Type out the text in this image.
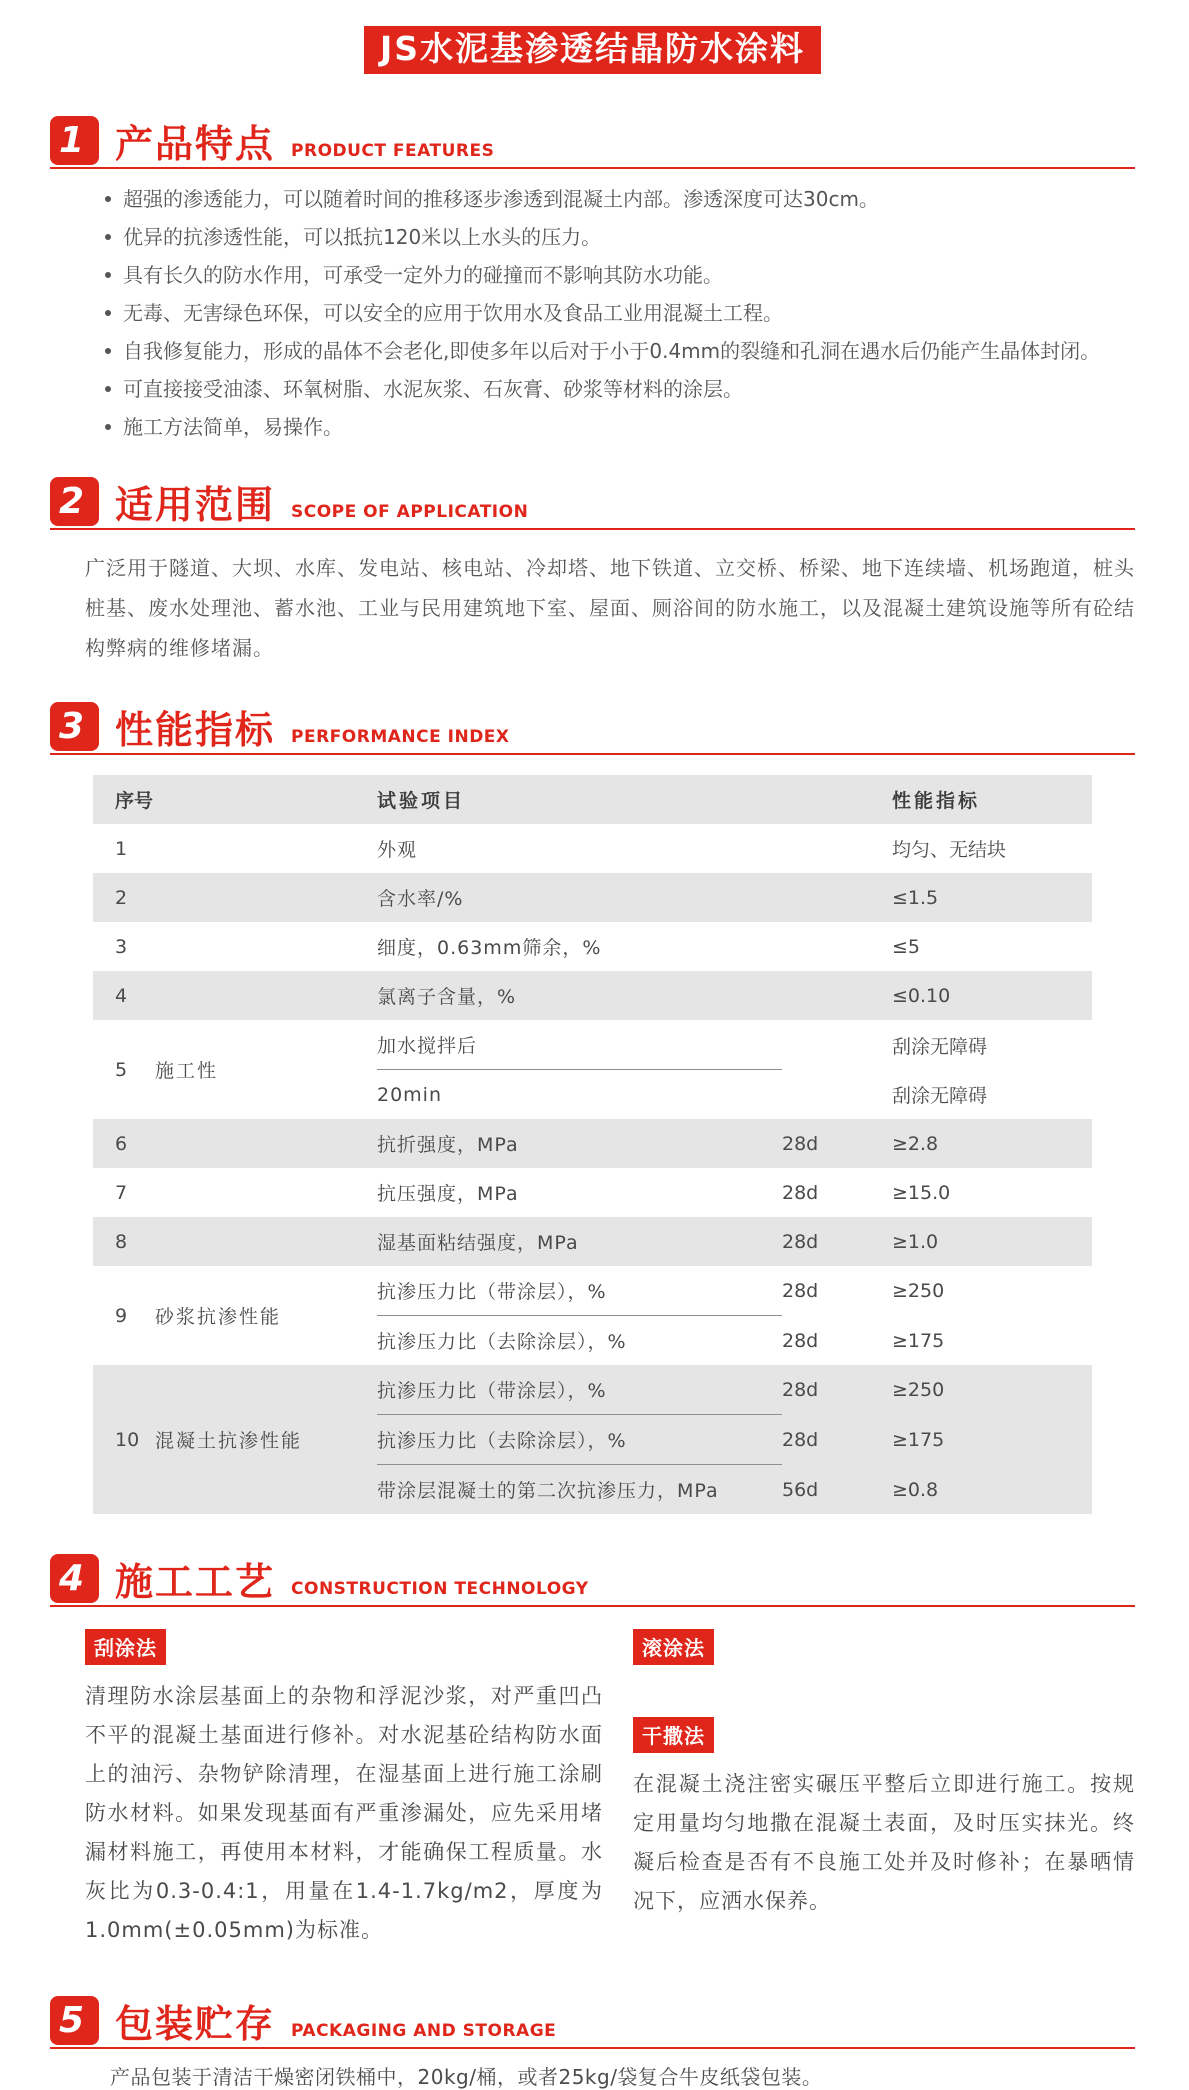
JS水泥基渗透结晶防水涂料
1 产品特点 PRODUCT FEATURES
超强的渗透能力，可以随着时间的推移逐步渗透到混凝土内部。渗透深度可达30cm。
优异的抗渗透性能，可以抵抗120米以上水头的压力。
具有长久的防水作用，可承受一定外力的碰撞而不影响其防水功能。
无毒、无害绿色环保，可以安全的应用于饮用水及食品工业用混凝土工程。
自我修复能力，形成的晶体不会老化,即使多年以后对于小于0.4mm的裂缝和孔洞在遇水后仍能产生晶体封闭。
可直接接受油漆、环氧树脂、水泥灰浆、石灰膏、砂浆等材料的涂层。
施工方法简单，易操作。
2 适用范围 SCOPE OF APPLICATION

广泛用于隧道、大坝、水库、发电站、核电站、冷却塔、地下铁道、立交桥、桥梁、地下连续墙、机场跑道，桩头桩基、废水处理池、蓄水池、工业与民用建筑地下室、屋面、厕浴间的防水施工，以及混凝土建筑设施等所有砼结构弊病的维修堵漏。

3 性能指标 PERFORMANCE INDEX
序号	试验项目	性能指标
1	外观	均匀、无结块
2	含水率/%	≤1.5
3	细度，0.63mm筛余，%	≤5
4	氯离子含量，%	≤0.10
5	施工性
加水搅拌后	刮涂无障碍
20min	刮涂无障碍
6	抗折强度，MPa	28d	≥2.8
7	抗压强度，MPa	28d	≥15.0
8	湿基面粘结强度，MPa	28d	≥1.0
9	砂浆抗渗性能
抗渗压力比（带涂层），%	28d	≥250
抗渗压力比（去除涂层），%	28d	≥175
10 混凝土抗渗性能
抗渗压力比（带涂层），%	28d	≥250
抗渗压力比（去除涂层），%	28d	≥175
带涂层混凝土的第二次抗渗压力，MPa	56d	≥0.8
4 施工工艺 CONSTRUCTION TECHNOLOGY
刮涂法

清理防水涂层基面上的杂物和浮泥沙浆，对严重凹凸不平的混凝土基面进行修补。对水泥基砼结构防水面上的油污、杂物铲除清理，在湿基面上进行施工涂刷防水材料。如果发现基面有严重渗漏处，应先采用堵漏材料施工，再使用本材料，才能确保工程质量。水灰比为0.3-0.4:1，用量在1.4-1.7kg/m2，厚度为1.0mm(±0.05mm)为标准。

滚涂法
干撒法

在混凝土浇注密实碾压平整后立即进行施工。按规定用量均匀地撒在混凝土表面，及时压实抹光。终凝后检查是否有不良施工处并及时修补；在暴晒情况下，应洒水保养。

5 包装贮存 PACKAGING AND STORAGE

产品包装于清洁干燥密闭铁桶中，20kg/桶，或者25kg/袋复合牛皮纸袋包装。
